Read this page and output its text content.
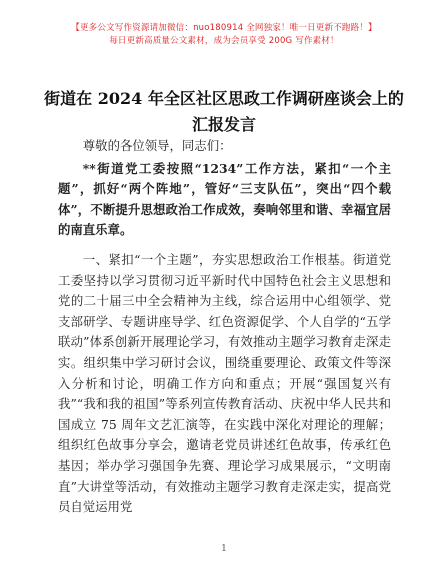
【更多公文写作资源请加微信：nuo180914 全网独家！唯一日更新不跑路！】
每日更新高质量公文素材，成为会员享受 200G 写作素材！
街道在 2024 年全区社区思政工作调研座谈会上的汇报发言

尊敬的各位领导，同志们：

**街道党工委按照“1234”工作方法，紧扣“一个主题”，抓好“两个阵地”，管好“三支队伍”，突出“四个载体”，不断提升思想政治工作成效，奏响邻里和谐、幸福宜居的南直乐章。

一、紧扣“一个主题”，夯实思想政治工作根基。街道党工委坚持以学习贯彻习近平新时代中国特色社会主义思想和党的二十届三中全会精神为主线，综合运用中心组领学、党支部研学、专题讲座导学、红色资源促学、个人自学的“五学联动”体系创新开展理论学习，有效推动主题学习教育走深走实。组织集中学习研讨会议，围绕重要理论、政策文件等深入分析和讨论，明确工作方向和重点；开展“强国复兴有我”“我和我的祖国”等系列宣传教育活动、庆祝中华人民共和国成立 75 周年文艺汇演等，在实践中深化对理论的理解；组织红色故事分享会，邀请老党员讲述红色故事，传承红色基因；举办学习强国争先赛、理论学习成果展示，“文明南直”大讲堂等活动，有效推动主题学习教育走深走实，提高党员自觉运用党

1
